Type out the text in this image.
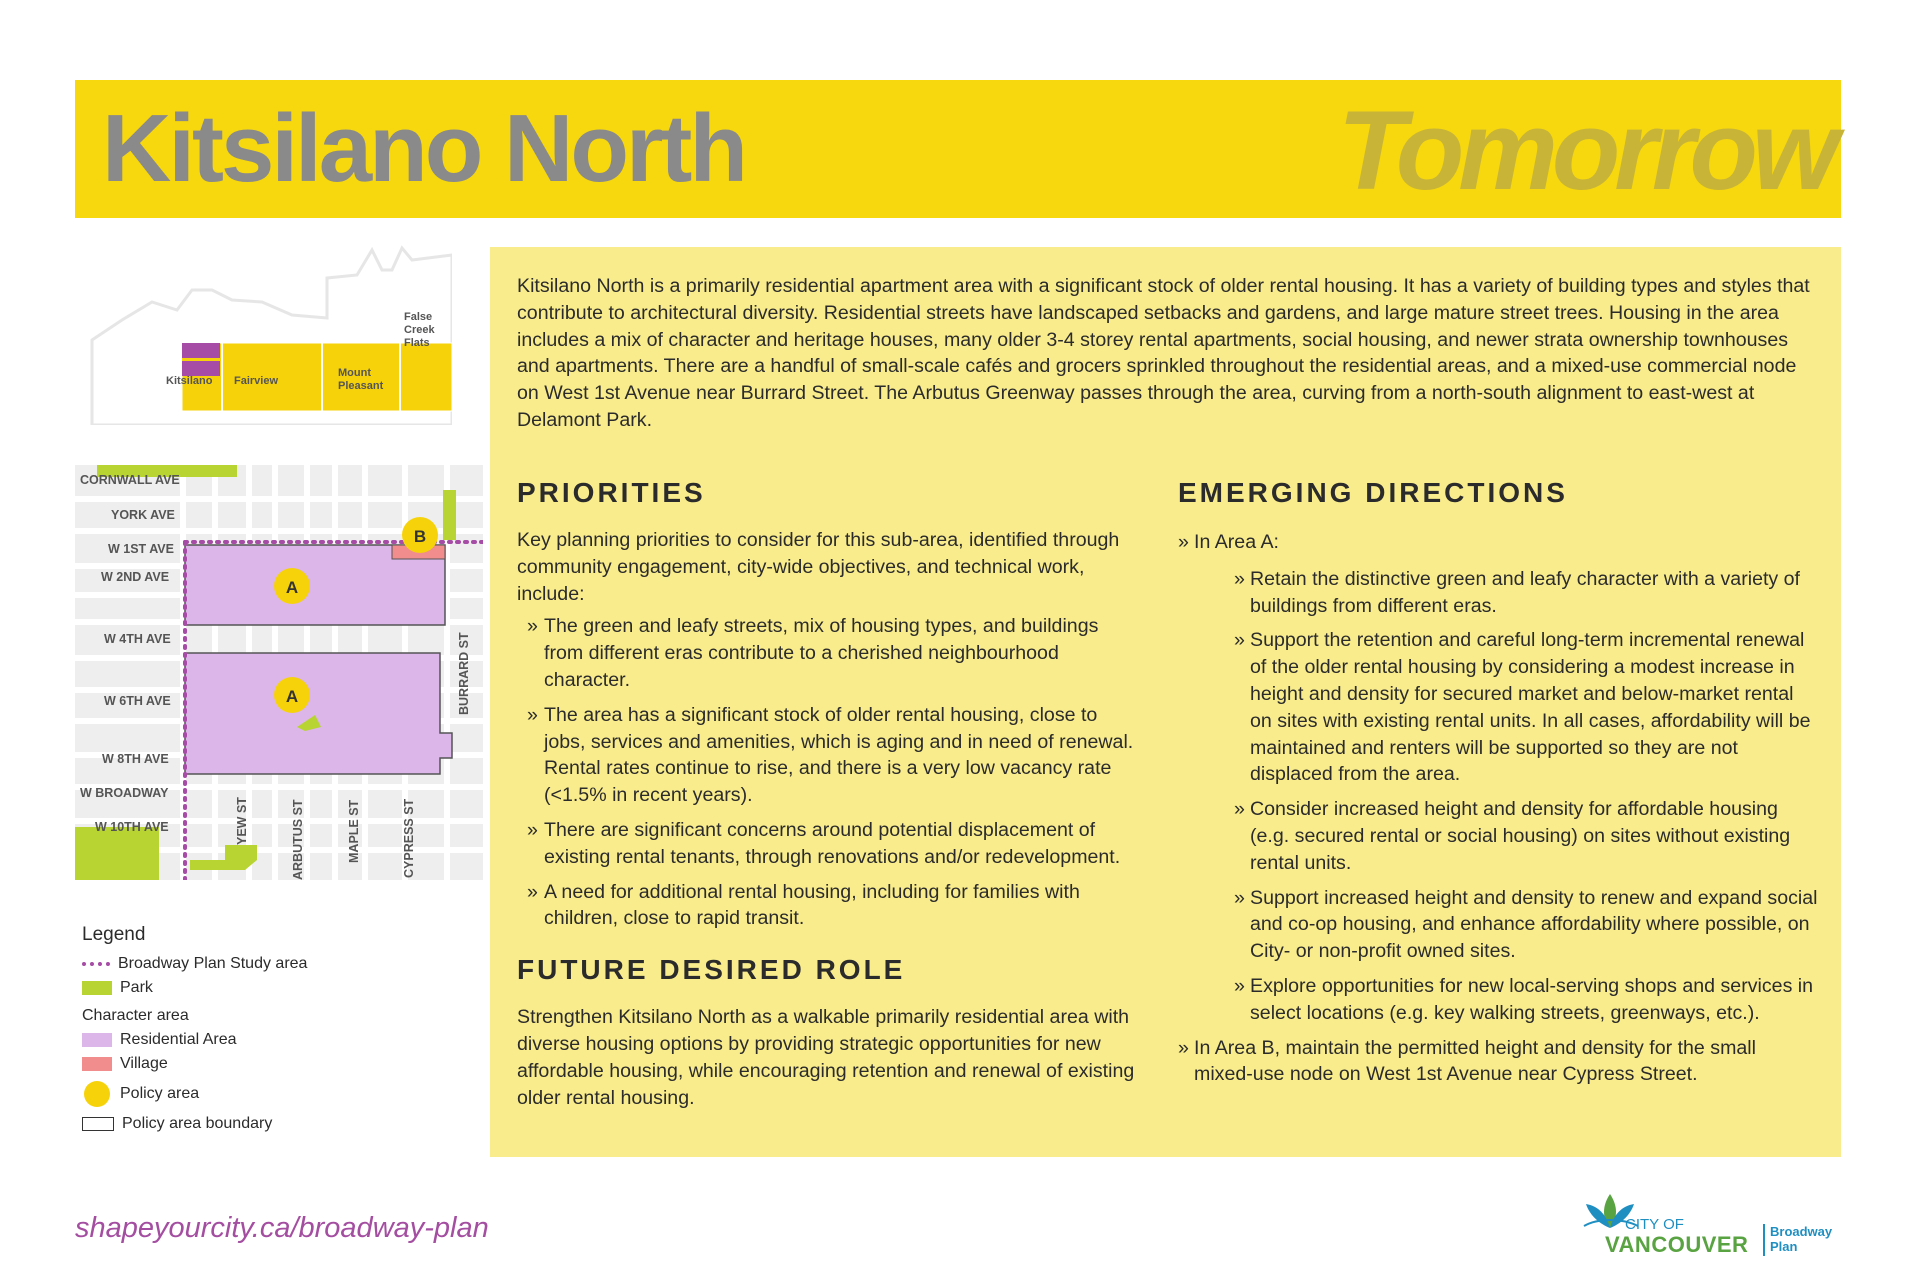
Kitsilano North	Tomorrow
Kitsilano Fairview
Mount
Pleasant
False
Creek
Flats
A
A
B
CORNWALL AVE
YORK AVE
W 1ST AVE
W 2ND AVE
W 4TH AVE
W 6TH AVE
W 8TH AVE
W BROADWAY
W 10TH AVE	YEW ST	ARBUTUS ST	MAPLE ST	CYPRESS ST
BURRARD ST
Legend
Broadway Plan Study area
Park
Character area
Residential Area
Village
Policy area
Policy area boundary
shapeyourcity.ca/broadway-plan
Kitsilano North is a primarily residential apartment area with a significant stock of older rental housing. It has a variety of building types and styles that contribute to architectural diversity. Residential streets have landscaped setbacks and gardens, and large mature street trees. Housing in the area includes a mix of character and heritage houses, many older 3-4 storey rental apartments, social housing, and newer strata ownership townhouses and apartments. There are a handful of small-scale cafés and grocers sprinkled throughout the residential areas, and a mixed-use commercial node on West 1st Avenue near Burrard Street. The Arbutus Greenway passes through the area, curving from a north-south alignment to east-west at Delamont Park.
PRIORITIES
Key planning priorities to consider for this sub-area, identified through community engagement, city-wide objectives, and technical work, include:
» The green and leafy streets, mix of housing types, and buildings from different eras contribute to a cherished neighbourhood character.
» The area has a significant stock of older rental housing, close to jobs, services and amenities, which is aging and in need of renewal. Rental rates continue to rise, and there is a very low vacancy rate (<1.5% in recent years).
» There are significant concerns around potential displacement of existing rental tenants, through renovations and/or redevelopment.
» A need for additional rental housing, including for families with children, close to rapid transit.
FUTURE DESIRED ROLE
Strengthen Kitsilano North as a walkable primarily residential area with diverse housing options by providing strategic opportunities for new affordable housing, while encouraging retention and renewal of existing older rental housing.
EMERGING DIRECTIONS
» In Area A:
» Retain the distinctive green and leafy character with a variety of buildings from different eras.
» Support the retention and careful long-term incremental renewal of the older rental housing by considering a modest increase in height and density for secured market and below-market rental on sites with existing rental units. In all cases, affordability will be maintained and renters will be supported so they are not displaced from the area.
» Consider increased height and density for affordable housing (e.g. secured rental or social housing) on sites without existing rental units.
» Support increased height and density to renew and expand social and co-op housing, and enhance affordability where possible, on City- or non-profit owned sites.
» Explore opportunities for new local-serving shops and services in select locations (e.g. key walking streets, greenways, etc.).
» In Area B, maintain the permitted height and density for the small mixed-use node on West 1st Avenue near Cypress Street.
CITY OF
VANCOUVER
Broadway
Plan
